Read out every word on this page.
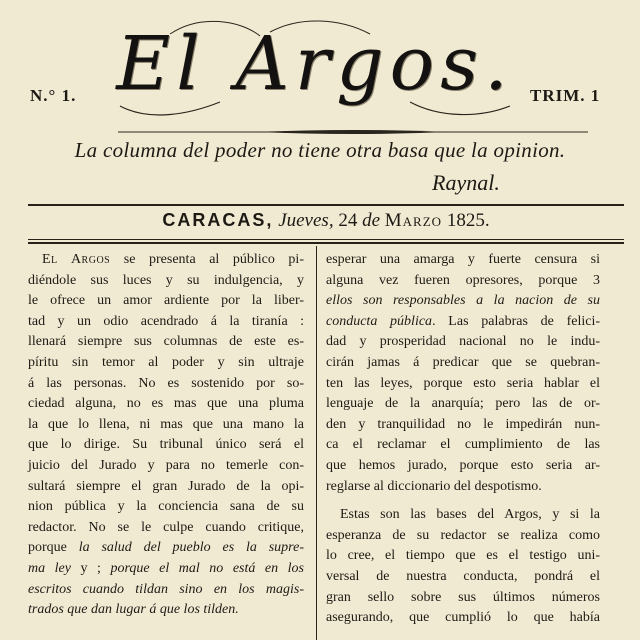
N.° 1.	TRIM. 1
El Argos.
La columna del poder no tiene otra basa que la opinion.
Raynal.
CARACAS, Jueves, 24 de Marzo 1825.
El Argos se presenta al público pi-
diéndole sus luces y su indulgencia, y
le ofrece un amor ardiente por la liber-
tad y un odio acendrado á la tiranía :
llenará siempre sus columnas de este es-
píritu sin temor al poder y sin ultraje
á las personas. No es sostenido por so-
ciedad alguna, no es mas que una pluma
la que lo llena, ni mas que una mano la
que lo dirige. Su tribunal único será el
juicio del Jurado y para no temerle con-
sultará siempre el gran Jurado de la opi-
nion pública y la conciencia sana de su
redactor. No se le culpe cuando critique,
porque la salud del pueblo es la supre-
ma ley y ; porque el mal no está en los
escritos cuando tildan sino en los magis-
trados que dan lugar á que los tilden.
esperar una amarga y fuerte censura si
alguna vez fueren opresores, porque 3
ellos son responsables a la nacion de su
conducta pública. Las palabras de felici-
dad y prosperidad nacional no le indu-
cirán jamas á predicar que se quebran-
ten las leyes, porque esto seria hablar el
lenguaje de la anarquía; pero las de or-
den y tranquilidad no le impedirán nun-
ca el reclamar el cumplimiento de las
que hemos jurado, porque esto seria ar-
reglarse al diccionario del despotismo.
Estas son las bases del Argos, y si la
esperanza de su redactor se realiza como
lo cree, el tiempo que es el testigo uni-
versal de nuestra conducta, pondrá el
gran sello sobre sus últimos números
asegurando, que cumplió lo que había
